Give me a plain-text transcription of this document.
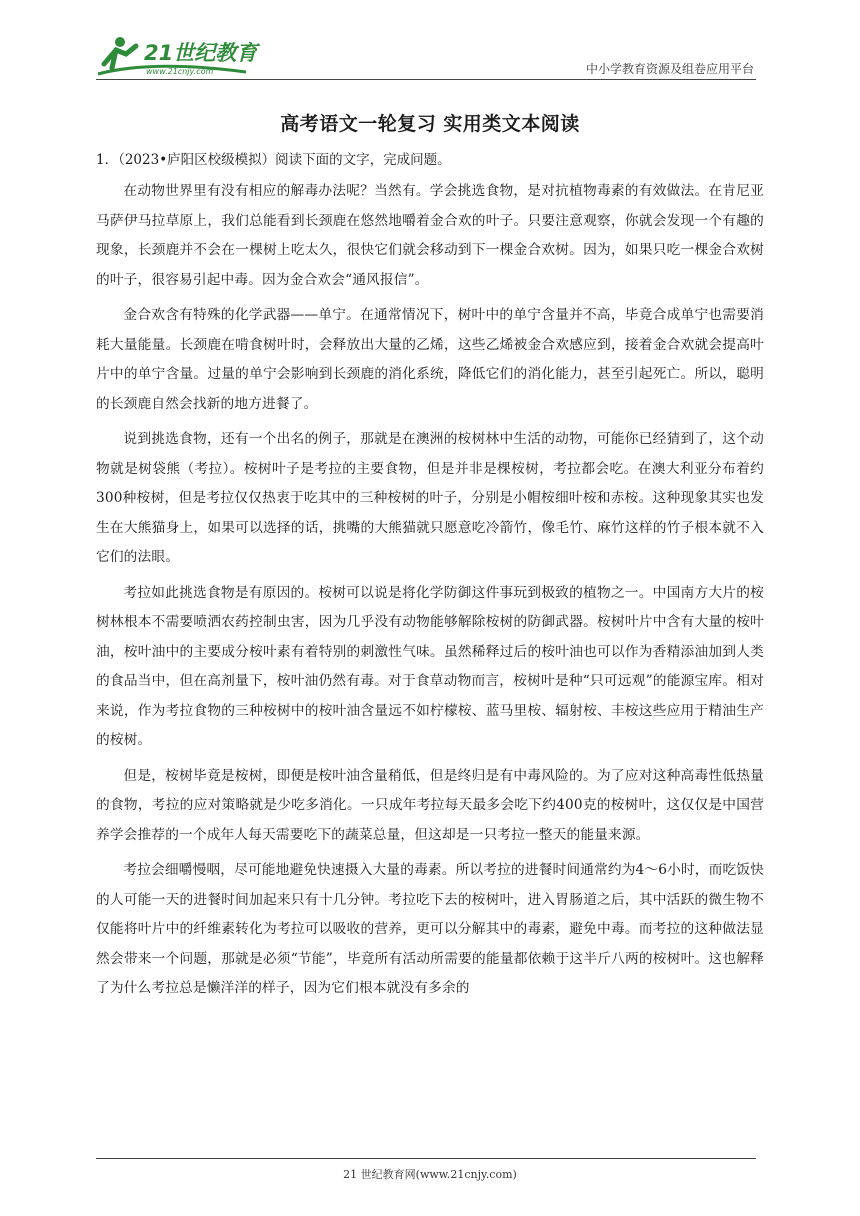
21世纪教育
www.21cnjy.com	中小学教育资源及组卷应用平台
高考语文一轮复习 实用类文本阅读
1．（2023•庐阳区校级模拟）阅读下面的文字，完成问题。

在动物世界里有没有相应的解毒办法呢？当然有。学会挑选食物，是对抗植物毒素的有效做法。在肯尼亚马萨伊马拉草原上，我们总能看到长颈鹿在悠然地嚼着金合欢的叶子。只要注意观察，你就会发现一个有趣的现象，长颈鹿并不会在一棵树上吃太久，很快它们就会移动到下一棵金合欢树。因为，如果只吃一棵金合欢树的叶子，很容易引起中毒。因为金合欢会“通风报信”。

金合欢含有特殊的化学武器——单宁。在通常情况下，树叶中的单宁含量并不高，毕竟合成单宁也需要消耗大量能量。长颈鹿在啃食树叶时，会释放出大量的乙烯，这些乙烯被金合欢感应到，接着金合欢就会提高叶片中的单宁含量。过量的单宁会影响到长颈鹿的消化系统，降低它们的消化能力，甚至引起死亡。所以，聪明的长颈鹿自然会找新的地方进餐了。

说到挑选食物，还有一个出名的例子，那就是在澳洲的桉树林中生活的动物，可能你已经猜到了，这个动物就是树袋熊（考拉）。桉树叶子是考拉的主要食物，但是并非是棵桉树，考拉都会吃。在澳大利亚分布着约300种桉树，但是考拉仅仅热衷于吃其中的三种桉树的叶子，分别是小帽桉细叶桉和赤桉。这种现象其实也发生在大熊猫身上，如果可以选择的话，挑嘴的大熊猫就只愿意吃冷箭竹，像毛竹、麻竹这样的竹子根本就不入它们的法眼。

考拉如此挑选食物是有原因的。桉树可以说是将化学防御这件事玩到极致的植物之一。中国南方大片的桉树林根本不需要喷洒农药控制虫害，因为几乎没有动物能够解除桉树的防御武器。桉树叶片中含有大量的桉叶油，桉叶油中的主要成分桉叶素有着特别的刺激性气味。虽然稀释过后的桉叶油也可以作为香精添油加到人类的食品当中，但在高剂量下，桉叶油仍然有毒。对于食草动物而言，桉树叶是种“只可远观”的能源宝库。相对来说，作为考拉食物的三种桉树中的桉叶油含量远不如柠檬桉、蓝马里桉、辐射桉、丰桉这些应用于精油生产的桉树。

但是，桉树毕竟是桉树，即便是桉叶油含量稍低，但是终归是有中毒风险的。为了应对这种高毒性低热量的食物，考拉的应对策略就是少吃多消化。一只成年考拉每天最多会吃下约400克的桉树叶，这仅仅是中国营养学会推荐的一个成年人每天需要吃下的蔬菜总量，但这却是一只考拉一整天的能量来源。

考拉会细嚼慢咽，尽可能地避免快速摄入大量的毒素。所以考拉的进餐时间通常约为4～6小时，而吃饭快的人可能一天的进餐时间加起来只有十几分钟。考拉吃下去的桉树叶，进入胃肠道之后，其中活跃的微生物不仅能将叶片中的纤维素转化为考拉可以吸收的营养，更可以分解其中的毒素，避免中毒。而考拉的这种做法显然会带来一个问题，那就是必须“节能”，毕竟所有活动所需要的能量都依赖于这半斤八两的桉树叶。这也解释了为什么考拉总是懒洋洋的样子，因为它们根本就没有多余的

21 世纪教育网(www.21cnjy.com)
